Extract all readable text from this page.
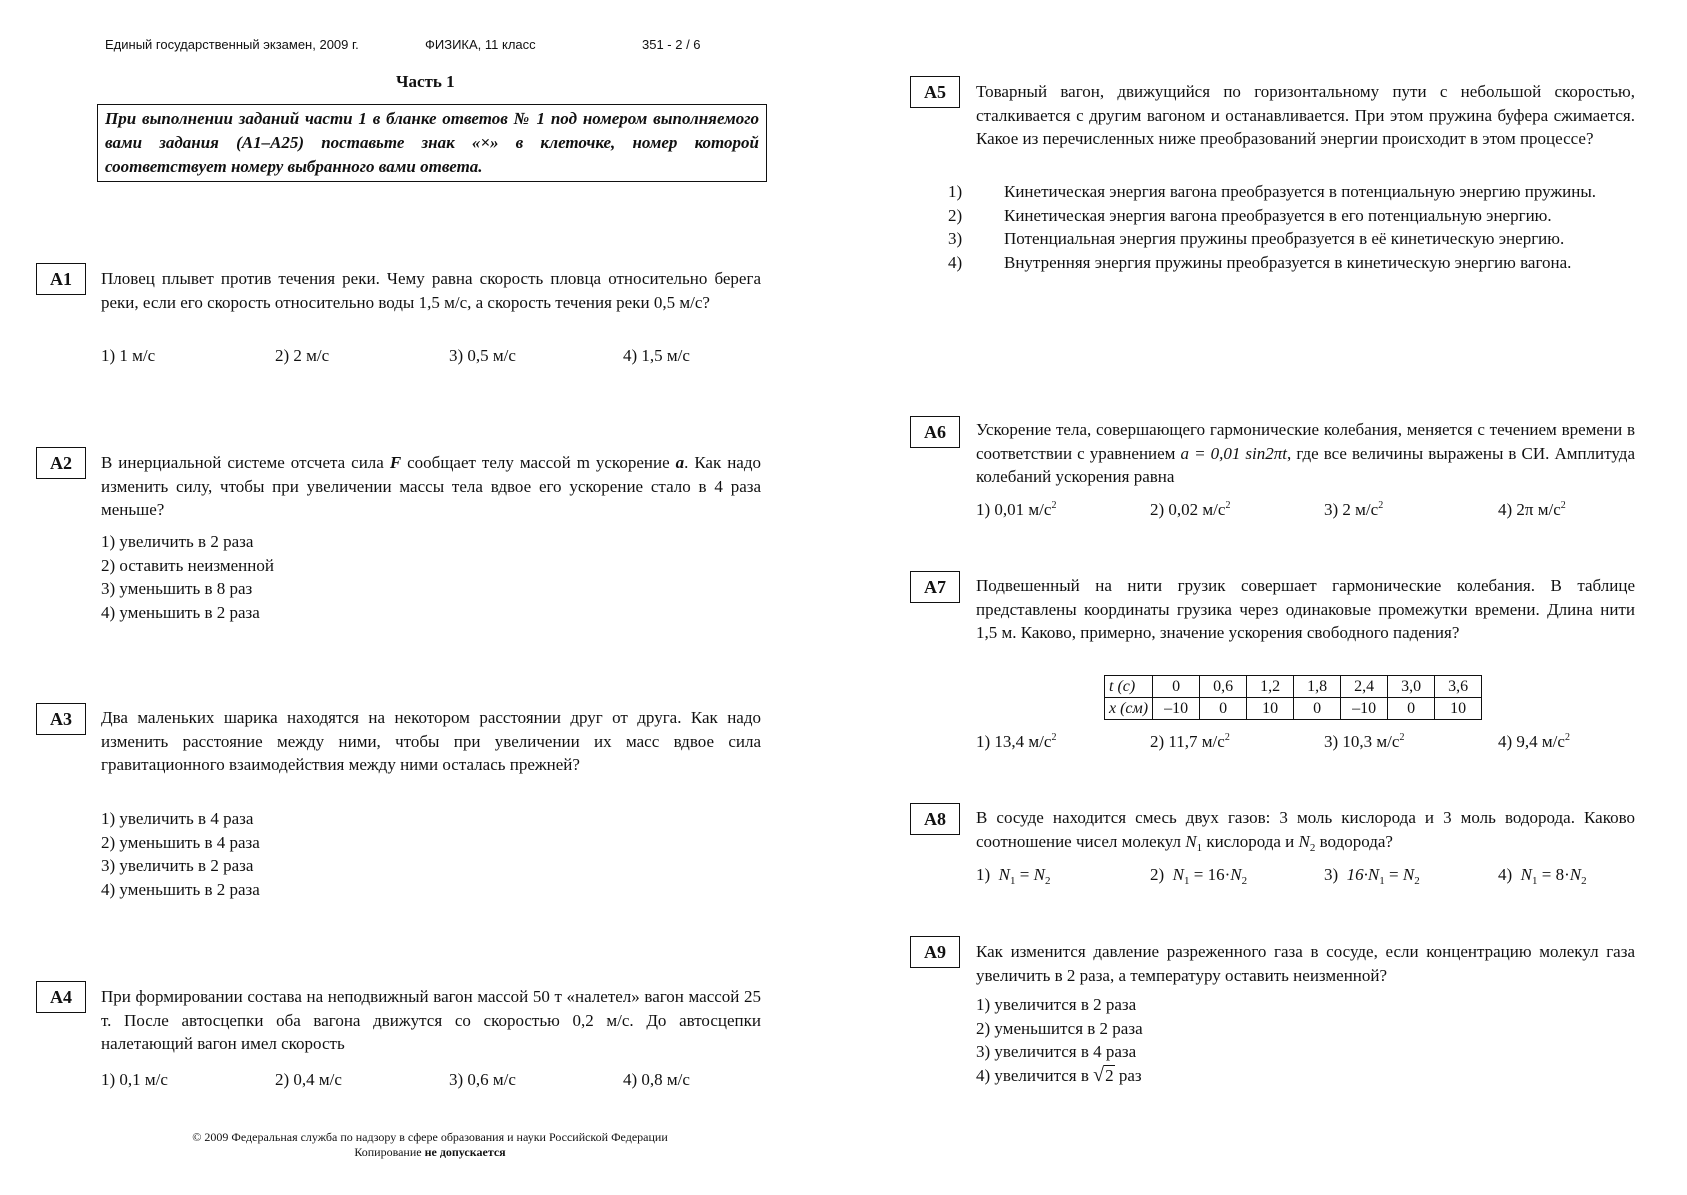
Единый государственный экзамен, 2009 г.	ФИЗИКА, 11 класс	351 - 2 / 6
Часть 1
При выполнении заданий части 1 в бланке ответов № 1 под номером выполняемого вами задания (А1–А25) поставьте знак «×» в клеточке, номер которой соответствует номеру выбранного вами ответа.
А1	Пловец плывет против течения реки. Чему равна скорость пловца относительно берега реки, если его скорость относительно воды 1,5 м/с, а скорость течения реки 0,5 м/с?
1) 1 м/с	2) 2 м/с	3) 0,5 м/с	4) 1,5 м/с
А2	В инерциальной системе отсчета сила F сообщает телу массой m ускорение a. Как надо изменить силу, чтобы при увеличении массы тела вдвое его ускорение стало в 4 раза меньше?
1) увеличить в 2 раза
2) оставить неизменной
3) уменьшить в 8 раз
4) уменьшить в 2 раза
А3	Два маленьких шарика находятся на некотором расстоянии друг от друга. Как надо изменить расстояние между ними, чтобы при увеличении их масс вдвое сила гравитационного взаимодействия между ними осталась прежней?
1) увеличить в 4 раза
2) уменьшить в 4 раза
3) увеличить в 2 раза
4) уменьшить в 2 раза
А4	При формировании состава на неподвижный вагон массой 50 т «налетел» вагон массой 25 т. После автосцепки оба вагона движутся со скоростью 0,2 м/с. До автосцепки налетающий вагон имел скорость
1) 0,1 м/с	2) 0,4 м/с	3) 0,6 м/с	4) 0,8 м/с
© 2009 Федеральная служба по надзору в сфере образования и науки Российской Федерации
Копирование не допускается
А5	Товарный вагон, движущийся по горизонтальному пути с небольшой скоростью, сталкивается с другим вагоном и останавливается. При этом пружина буфера сжимается. Какое из перечисленных ниже преобразований энергии происходит в этом процессе?
1) Кинетическая энергия вагона преобразуется в потенциальную энергию пружины.
2) Кинетическая энергия вагона преобразуется в его потенциальную энергию.
3) Потенциальная энергия пружины преобразуется в её кинетическую энергию.
4) Внутренняя энергия пружины преобразуется в кинетическую энергию вагона.
А6	Ускорение тела, совершающего гармонические колебания, меняется с течением времени в соответствии с уравнением a = 0,01 sin2πt, где все величины выражены в СИ. Амплитуда колебаний ускорения равна
1) 0,01 $м/с^2$	2) 0,02 $м/с^2$	3) 2 $м/с^2$	4) 2π $м/с^2$
А7	Подвешенный на нити грузик совершает гармонические колебания. В таблице представлены координаты грузика через одинаковые промежутки времени. Длина нити 1,5 м. Каково, примерно, значение ускорения свободного падения?
t (с)	0	0,6	1,2	1,8	2,4	3,0	3,6
x (см)	–10	0	10	0	–10	0	10
1) 13,4 $м/с^2$	2) 11,7 $м/с^2$	3) 10,3 $м/с^2$	4) 9,4 $м/с^2$
А8	В сосуде находится смесь двух газов: 3 моль кислорода и 3 моль водорода. Каково соотношение чисел молекул $N_1$ кислорода и $N_2$ водорода?
1) $N_1 = N_2$	2) $N_1 = 16\cdot N_2$	3) $16\cdot N_1 = N_2$	4) $N_1 = 8\cdot N_2$
А9	Как изменится давление разреженного газа в сосуде, если концентрацию молекул газа увеличить в 2 раза, а температуру оставить неизменной?
1) увеличится в 2 раза
2) уменьшится в 2 раза
3) увеличится в 4 раза
4) увеличится в √2 раз
